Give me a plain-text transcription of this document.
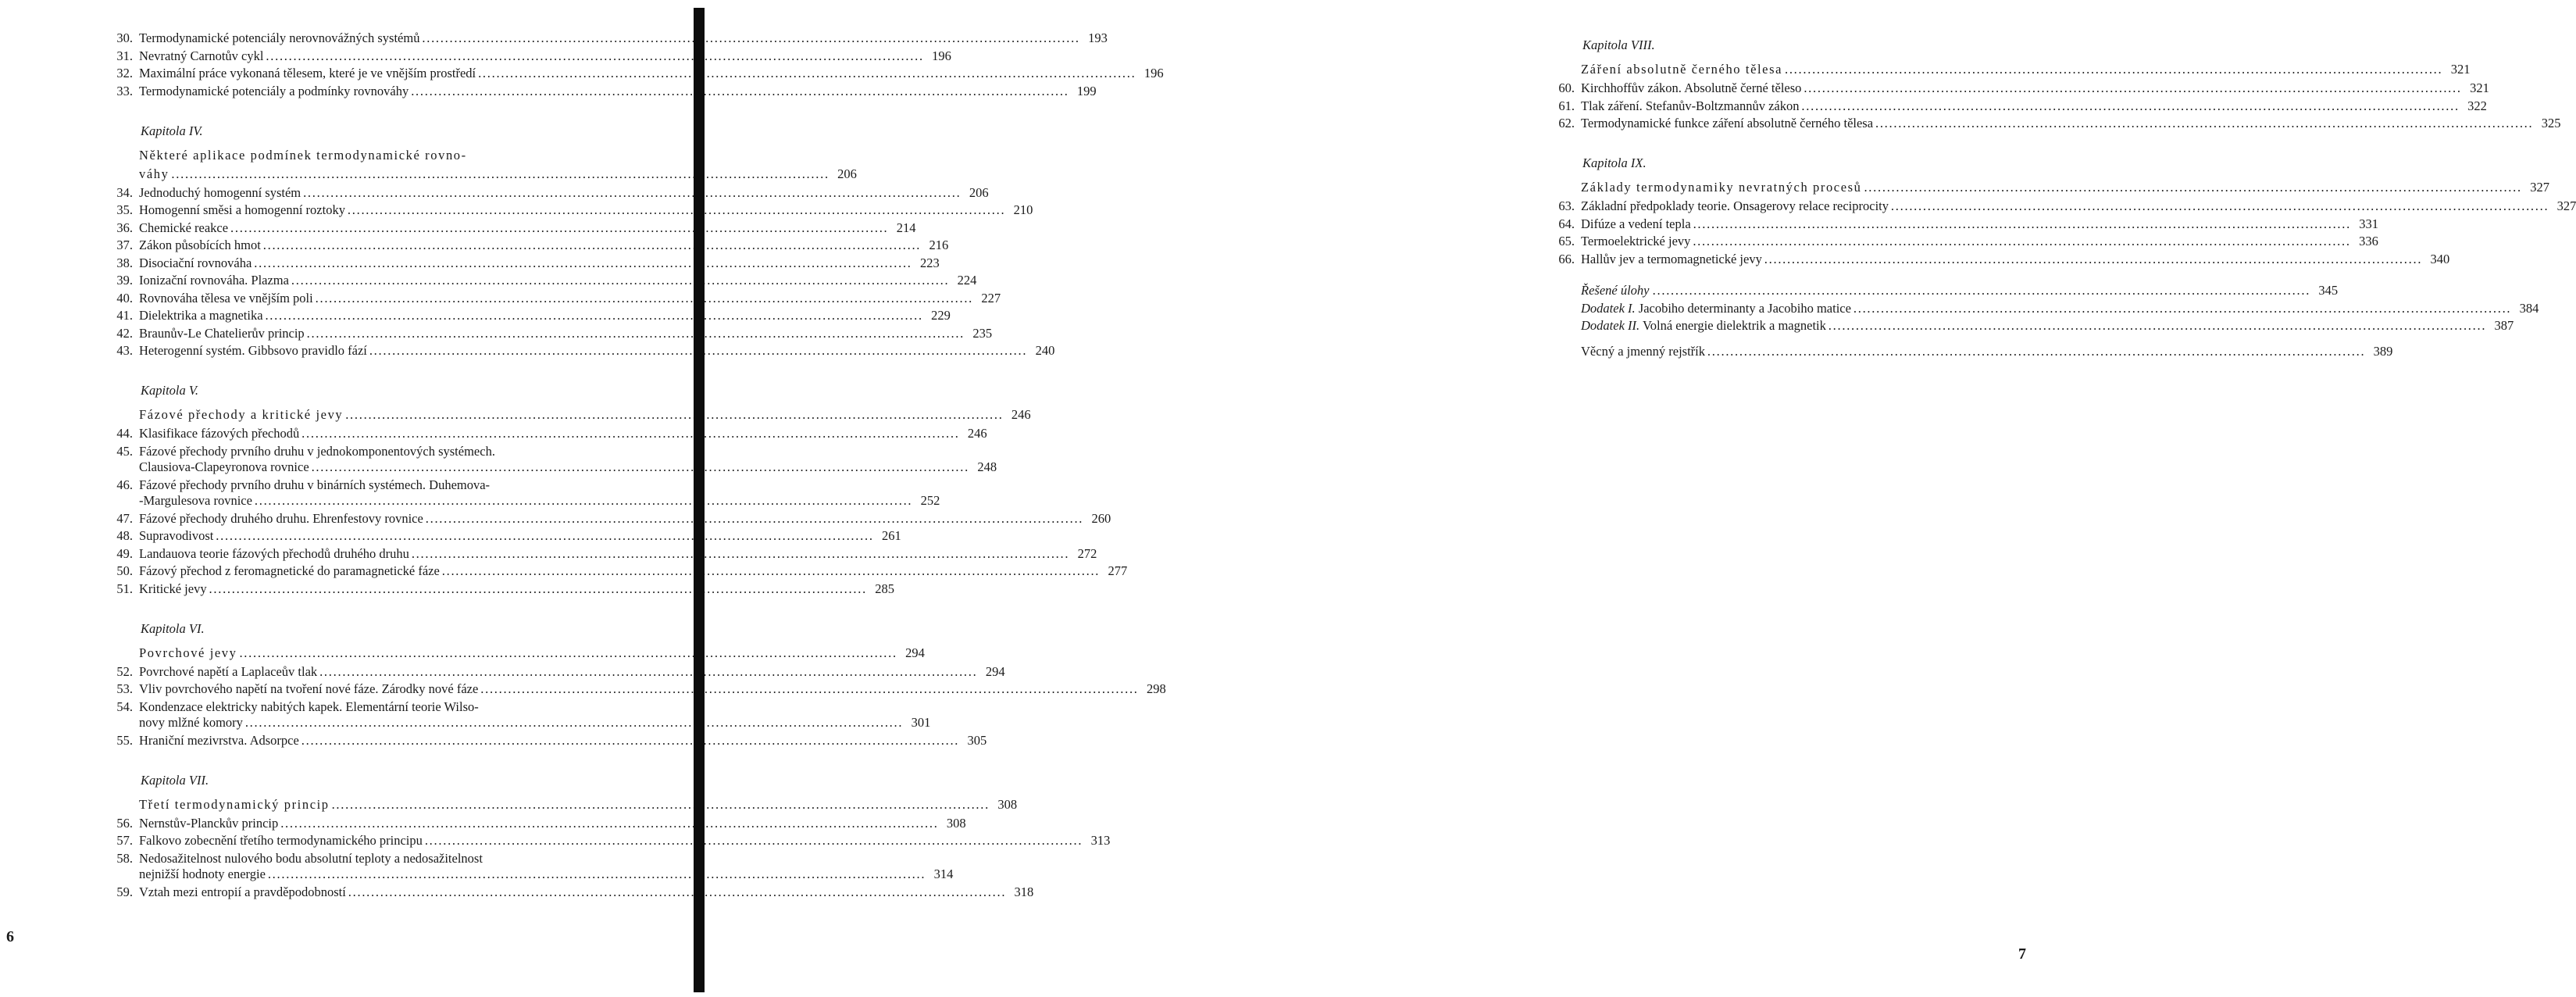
30. Termodynamické potenciály nerovnovážných systémů . . .	193
31. Nevratný Carnotův cykl . . .	196
32. Maximální práce vykonaná tělesem, které je ve vnějším prostředí . . .	196
33. Termodynamické potenciály a podmínky rovnováhy . . .	199
Kapitola IV.
Některé aplikace podmínek termodynamické rovno-
váhy . . .	206
34. Jednoduchý homogenní systém . . .	206
35. Homogenní směsi a homogenní roztoky . . .	210
36. Chemické reakce . . .	214
37. Zákon působících hmot . . .	216
38. Disociační rovnováha . . .	223
39. Ionizační rovnováha. Plazma . . .	224
40. Rovnováha tělesa ve vnějším poli . . .	227
41. Dielektrika a magnetika . . .	229
42. Braunův-Le Chatelierův princip . . .	235
43. Heterogenní systém. Gibbsovo pravidlo fází . . .	240
Kapitola V.
Fázové přechody a kritické jevy . . .	246
44. Klasifikace fázových přechodů . . .	246
45. Fázové přechody prvního druhu v jednokomponentových systémech.
Clausiova-Clapeyronova rovnice . . .	248
46. Fázové přechody prvního druhu v binárních systémech. Duhemova-
-Margulesova rovnice . . .	252
47. Fázové přechody druhého druhu. Ehrenfestovy rovnice . . .	260
48. Supravodivost . . .	261
49. Landauova teorie fázových přechodů druhého druhu . . .	272
50. Fázový přechod z feromagnetické do paramagnetické fáze . . .	277
51. Kritické jevy . . .	285
Kapitola VI.
Povrchové jevy . . .	294
52. Povrchové napětí a Laplaceův tlak . . .	294
53. Vliv povrchového napětí na tvoření nové fáze. Zárodky nové fáze . . .	298
54. Kondenzace elektricky nabitých kapek. Elementární teorie Wilso-
novy mlžné komory . . .	301
55. Hraniční mezivrstva. Adsorpce . . .	305
Kapitola VII.
Třetí termodynamický princip . . .	308
56. Nernstův-Planckův princip . . .	308
57. Falkovo zobecnění třetího termodynamického principu . . .	313
58. Nedosažitelnost nulového bodu absolutní teploty a nedosažitelnost
nejnižší hodnoty energie . . .	314
59. Vztah mezi entropií a pravděpodobností . . .	318
6
Kapitola VIII.
Záření absolutně černého tělesa . . .	321
60. Kirchhoffův zákon. Absolutně černé těleso . . .	321
61. Tlak záření. Stefanův-Boltzmannův zákon . . .	322
62. Termodynamické funkce záření absolutně černého tělesa . . .	325
Kapitola IX.
Základy termodynamiky nevratných procesů . . .	327
63. Základní předpoklady teorie. Onsagerovy relace reciprocity . . .	327
64. Difúze a vedení tepla . . .	331
65. Termoelektrické jevy . . .	336
66. Hallův jev a termomagnetické jevy . . .	340
Řešené úlohy . . .	345
Dodatek I. Jacobiho determinanty a Jacobiho matice . . .	384
Dodatek II. Volná energie dielektrik a magnetik . . .	387
Věcný a jmenný rejstřík . . .	389
7
